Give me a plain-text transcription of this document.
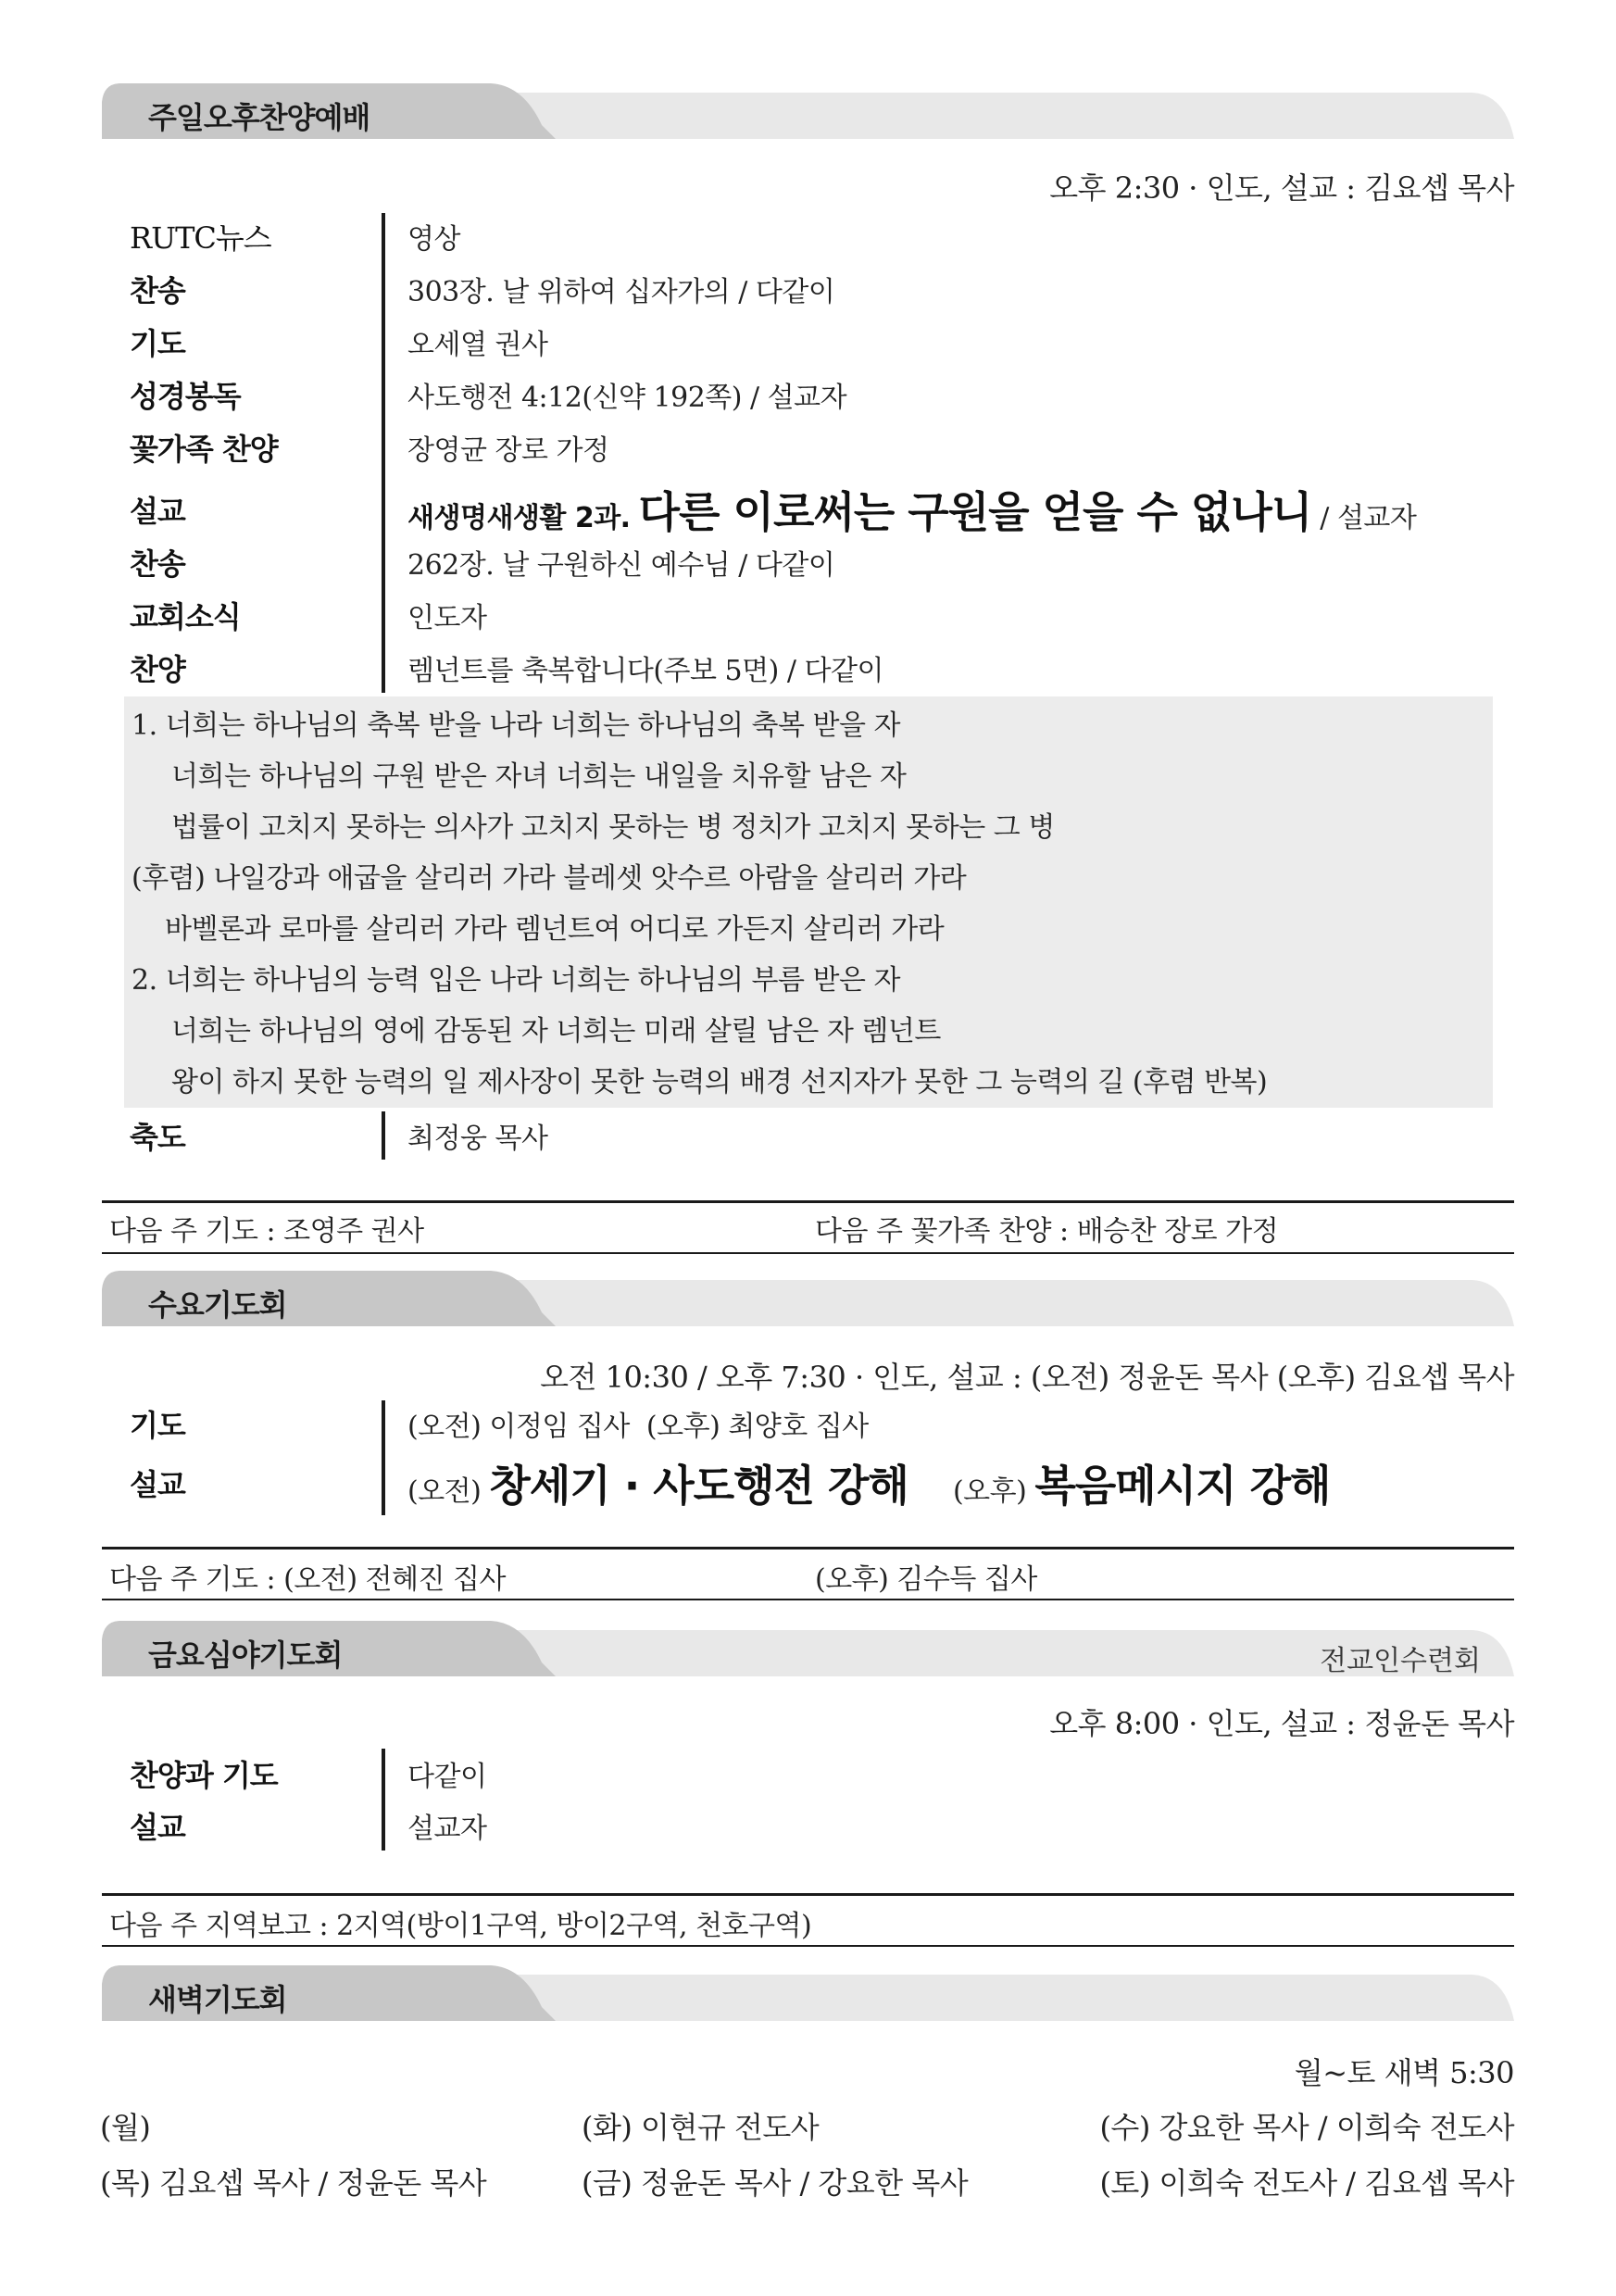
주일오후찬양예배
오후 2:30 · 인도, 설교 : 김요셉 목사
RUTC뉴스	영상
찬송	303장. 날 위하여 십자가의 / 다같이
기도	오세열 권사
성경봉독	사도행전 4:12(신약 192쪽) / 설교자
꽃가족 찬양	장영균 장로 가정
설교	새생명새생활 2과. 다른 이로써는 구원을 얻을 수 없나니 / 설교자
찬송	262장. 날 구원하신 예수님 / 다같이
교회소식	인도자
찬양	렘넌트를 축복합니다(주보 5면) / 다같이
1. 너희는 하나님의 축복 받을 나라 너희는 하나님의 축복 받을 자
너희는 하나님의 구원 받은 자녀 너희는 내일을 치유할 남은 자
법률이 고치지 못하는 의사가 고치지 못하는 병 정치가 고치지 못하는 그 병
(후렴) 나일강과 애굽을 살리러 가라 블레셋 앗수르 아람을 살리러 가라
바벨론과 로마를 살리러 가라 렘넌트여 어디로 가든지 살리러 가라
2. 너희는 하나님의 능력 입은 나라 너희는 하나님의 부름 받은 자
너희는 하나님의 영에 감동된 자 너희는 미래 살릴 남은 자 렘넌트
왕이 하지 못한 능력의 일 제사장이 못한 능력의 배경 선지자가 못한 그 능력의 길 (후렴 반복)
축도	최정웅 목사
다음 주 기도 : 조영주 권사	다음 주 꽃가족 찬양 : 배승찬 장로 가정
수요기도회
오전 10:30 / 오후 7:30 · 인도, 설교 : (오전) 정윤돈 목사 (오후) 김요셉 목사
기도	(오전) 이정임 집사  (오후) 최양호 집사
설교	(오전) 창세기 · 사도행전 강해 (오후) 복음메시지 강해
다음 주 기도 : (오전) 전혜진 집사	(오후) 김수득 집사
금요심야기도회	전교인수련회
오후 8:00 · 인도, 설교 : 정윤돈 목사
찬양과 기도	다같이
설교	설교자
다음 주 지역보고 : 2지역(방이1구역, 방이2구역, 천호구역)
새벽기도회
월~토 새벽 5:30
(월)	(화) 이현규 전도사	(수) 강요한 목사 / 이희숙 전도사
(목) 김요셉 목사 / 정윤돈 목사	(금) 정윤돈 목사 / 강요한 목사	(토) 이희숙 전도사 / 김요셉 목사
